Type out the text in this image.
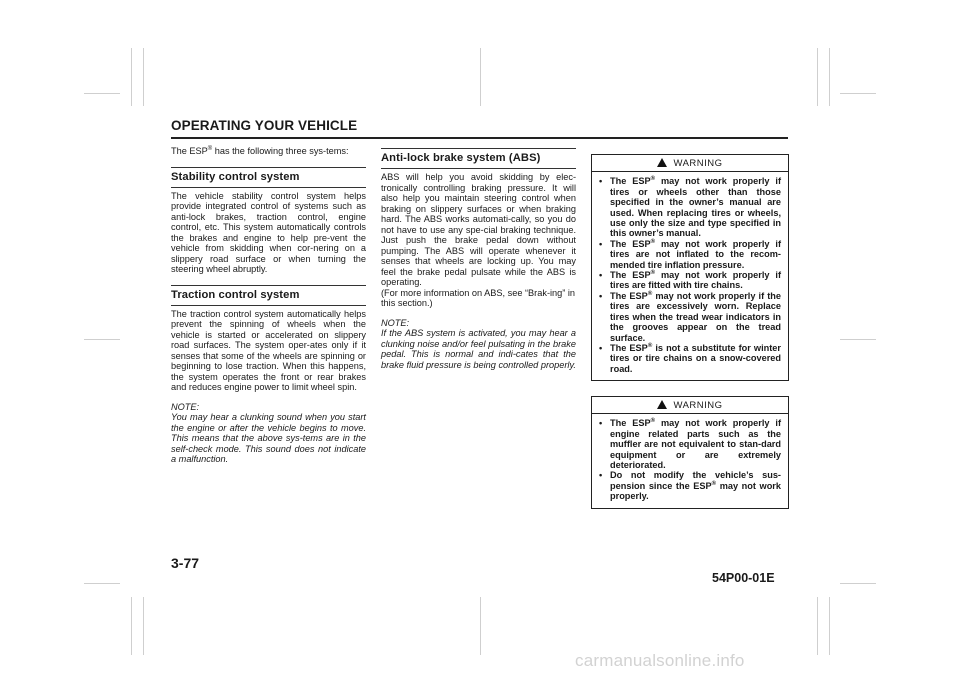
OPERATING YOUR VEHICLE

The ESP® has the following three sys-tems:

Stability control system

The vehicle stability control system helps provide integrated control of systems such as anti-lock brakes, traction control, engine control, etc. This system automatically controls the brakes and engine to help pre-vent the vehicle from skidding when cor-nering on a slippery road surface or when turning the steering wheel abruptly.

Traction control system

The traction control system automatically helps prevent the spinning of wheels when the vehicle is started or accelerated on slippery road surfaces. The system oper-ates only if it senses that some of the wheels are spinning or beginning to lose traction. When this happens, the system operates the front or rear brakes and reduces engine power to limit wheel spin.

NOTE:

You may hear a clunking sound when you start the engine or after the vehicle begins to move. This means that the above sys-tems are in the self-check mode. This sound does not indicate a malfunction.

Anti-lock brake system (ABS)

ABS will help you avoid skidding by elec-tronically controlling braking pressure. It will also help you maintain steering control when braking on slippery surfaces or when braking hard. The ABS works automati-cally, so you do not have to use any spe-cial braking technique. Just push the brake pedal down without pumping. The ABS will operate whenever it senses that wheels are locking up. You may feel the brake pedal pulsate while the ABS is operating.

(For more information on ABS, see “Brak-ing” in this section.)

NOTE:

If the ABS system is activated, you may hear a clunking noise and/or feel pulsating in the brake pedal. This is normal and indi-cates that the brake fluid pressure is being controlled properly.

WARNING
• The ESP® may not work properly if tires or wheels other than those specified in the owner’s manual are used. When replacing tires or wheels, use only the size and type specified in this owner’s manual.
• The ESP® may not work properly if tires are not inflated to the recom-mended tire inflation pressure.
• The ESP® may not work properly if tires are fitted with tire chains.
• The ESP® may not work properly if the tires are excessively worn. Replace tires when the tread wear indicators in the grooves appear on the tread surface.
• The ESP® is not a substitute for winter tires or tire chains on a snow-covered road.
WARNING
• The ESP® may not work properly if engine related parts such as the muffler are not equivalent to stan-dard equipment or are extremely deteriorated.
• Do not modify the vehicle’s sus-pension since the ESP® may not work properly.
3-77
54P00-01E
carmanualsonline.info
